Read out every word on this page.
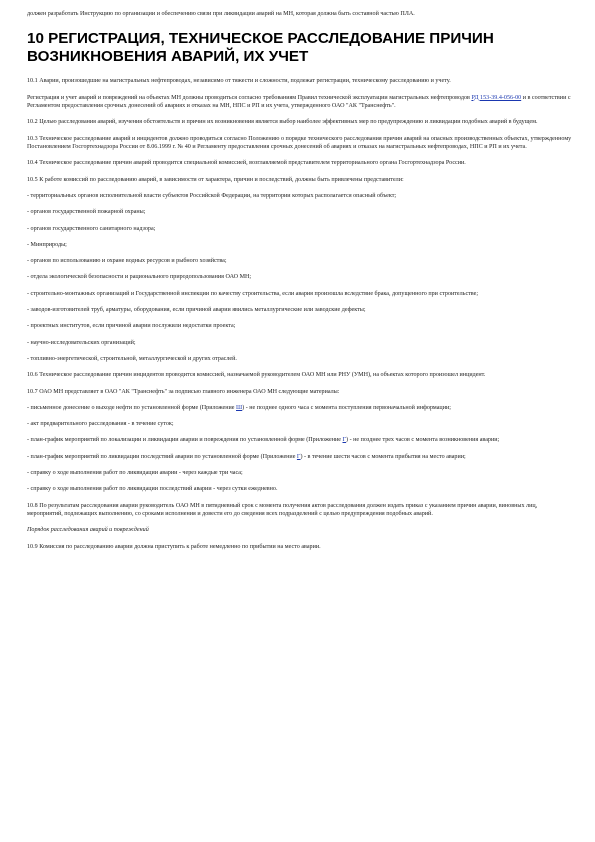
должен разработать Инструкцию по организации и обеспечению связи при ликвидации аварий на МН, которая должна быть составной частью ПЛА.

10 РЕГИСТРАЦИЯ, ТЕХНИЧЕСКОЕ РАССЛЕДОВАНИЕ ПРИЧИН ВОЗНИКНОВЕНИЯ АВАРИЙ, ИХ УЧЕТ

10.1 Аварии, произошедшие на магистральных нефтепроводах, независимо от тяжести и сложности, подлежат регистрации, техническому расследованию и учету.

Регистрация и учет аварий и повреждений на объектах МН должны проводиться согласно требованиям Правил технической эксплуатации магистральных нефтепроводов РД 153-39.4-056-00 и в соответствии с Регламентом предоставления срочных донесений об авариях и отказах на МН, НПС и РП и их учета, утвержденного ОАО "АК "Транснефть".

10.2 Целью расследования аварий, изучения обстоятельств и причин их возникновения является выбор наиболее эффективных мер по предупреждению и ликвидации подобных аварий в будущем.

10.3 Техническое расследование аварий и инцидентов должно проводиться согласно Положению о порядке технического расследования причин аварий на опасных производственных объектах, утвержденному Постановлением Госгортехнадзора России от 8.06.1999 г. № 40 и Регламенту предоставления срочных донесений об авариях и отказах на магистральных нефтепроводах, НПС и РП и их учета.

10.4 Техническое расследование причин аварий проводится специальной комиссией, возглавляемой представителем территориального органа Госгортехнадзора России.

10.5 К работе комиссий по расследованию аварий, в зависимости от характера, причин и последствий, должны быть привлечены представители:

- территориальных органов исполнительной власти субъектов Российской Федерации, на территории которых располагается опасный объект;

- органов государственной пожарной охраны;

- органов государственного санитарного надзора;

- Минприроды;

- органов по использованию и охране водных ресурсов и рыбного хозяйства;

- отдела экологической безопасности и рационального природопользования ОАО МН;

- строительно-монтажных организаций и Государственной инспекции по качеству строительства, если авария произошла вследствие брака, допущенного при строительстве;

- заводов-изготовителей труб, арматуры, оборудования, если причиной аварии явились металлургические или заводские дефекты;

- проектных институтов, если причиной аварии послужили недостатки проекта;

- научно-исследовательских организаций;

- топливно-энергетической, строительной, металлургической и других отраслей.

10.6 Техническое расследование причин инцидентов проводится комиссией, назначаемой руководителем ОАО МН или РНУ (УМН), на объектах которого произошел инцидент.

10.7 ОАО МН представляет в ОАО "АК "Транснефть" за подписью главного инженера ОАО МН следующие материалы:

- письменное донесение о выходе нефти по установленной форме (Приложение Ш) - не позднее одного часа с момента поступления первоначальной информации;

- акт предварительного расследования - в течение суток;

- план-график мероприятий по локализации и ликвидации аварии и повреждения по установленной форме (Приложение Г) - не позднее трех часов с момента возникновения аварии;

- план-график мероприятий по ликвидации последствий аварии по установленной форме (Приложение Г) - в течение шести часов с момента прибытия на место аварии;

- справку о ходе выполнения работ по ликвидации аварии - через каждые три часа;

- справку о ходе выполнения работ по ликвидации последствий аварии - через сутки ежедневно.

10.8 По результатам расследования аварии руководитель ОАО МН в пятидневный срок с момента получения актов расследования должен издать приказ с указанием причин аварии, виновных лиц, мероприятий, подлежащих выполнению, со сроками исполнения и довести его до сведения всех подразделений с целью предупреждения подобных аварий.

Порядок расследования аварий и повреждений

10.9 Комиссия по расследованию аварии должна приступить к работе немедленно по прибытии на место аварии.
